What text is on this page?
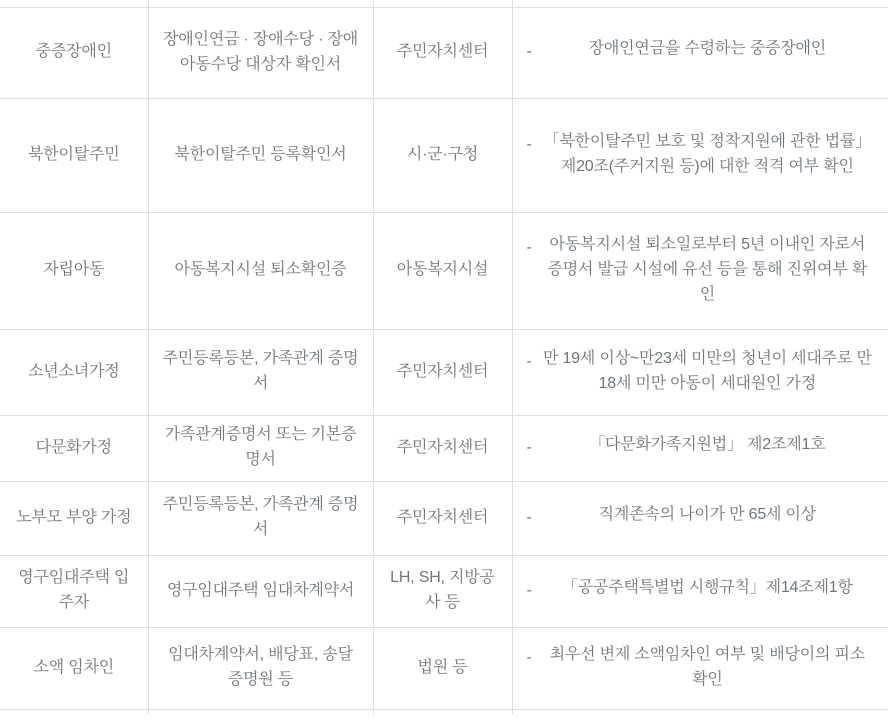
중증장애인	장애인연금 · 장애수당 · 장애아동수당 대상자 확인서	주민자치센터	- 장애인연금을 수령하는 중증장애인

북한이탈주민	북한이탈주민 등록확인서	시·군·구청	- 「북한이탈주민 보호 및 정착지원에 관한 법률」제20조(주거지원 등)에 대한 적격 여부 확인

자립아동	아동복지시설 퇴소확인증	아동복지시설	- 아동복지시설 퇴소일로부터 5년 이내인 자로서 증명서 발급 시설에 유선 등을 통해 진위여부 확인

소년소녀가정	주민등록등본, 가족관계 증명서	주민자치센터	- 만 19세 이상~만23세 미만의 청년이 세대주로 만 18세 미만 아동이 세대원인 가정

다문화가정	가족관계증명서 또는 기본증명서	주민자치센터	- 「다문화가족지원법」 제2조제1호

노부모 부양 가정	주민등록등본, 가족관계 증명서	주민자치센터	- 직계존속의 나이가 만 65세 이상

영구임대주택 입주자	영구임대주택 임대차계약서	LH, SH, 지방공사 등	- 「공공주택특별법 시행규칙」제14조제1항

소액 임차인	임대차계약서, 배당표, 송달증명원 등	법원 등	- 최우선 변제 소액임차인 여부 및 배당이의 피소 확인
